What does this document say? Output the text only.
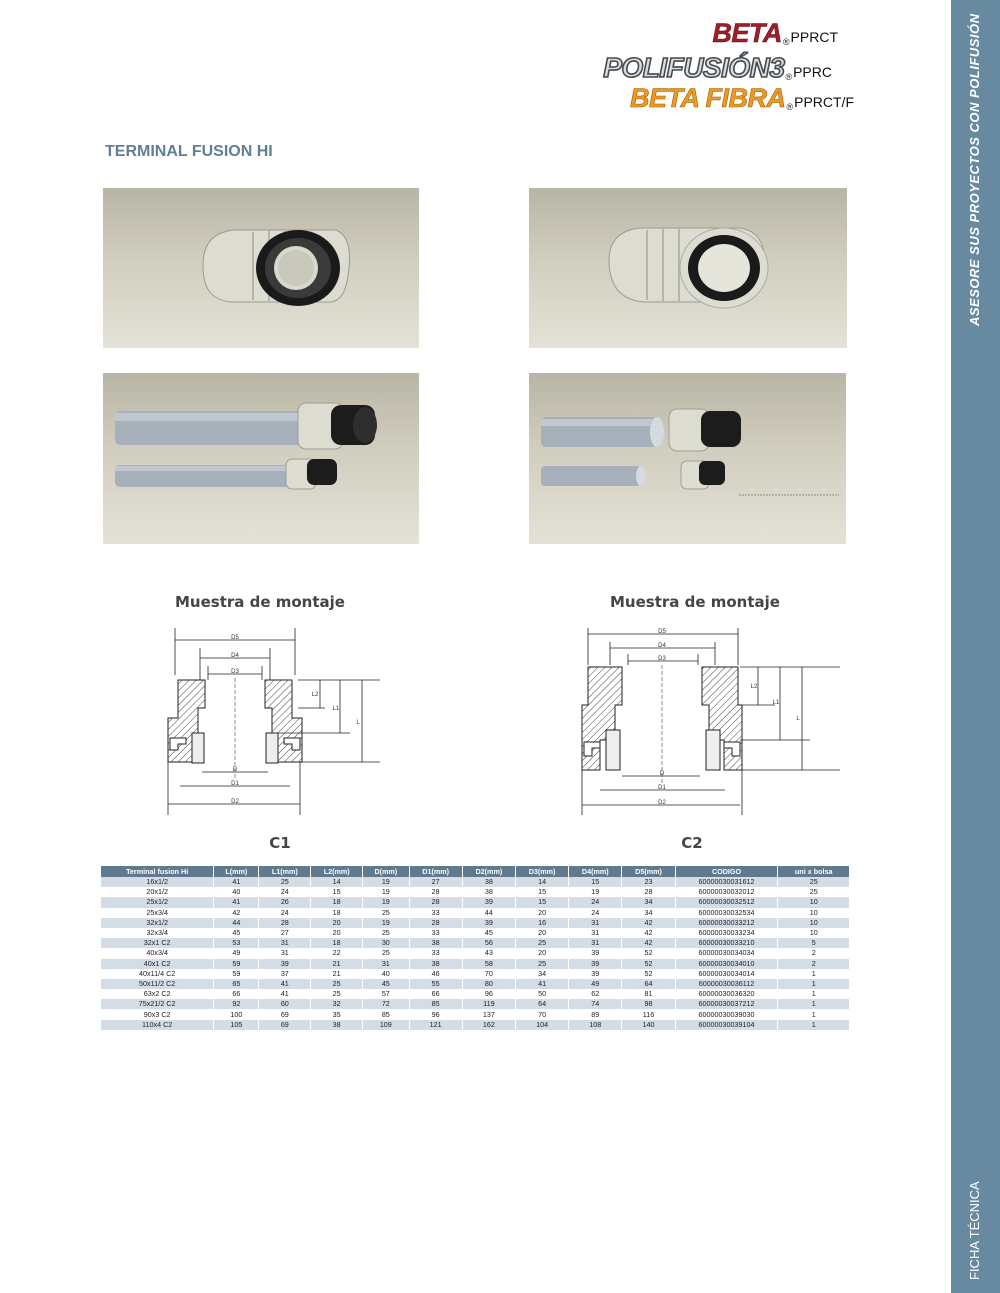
ASESORE SUS PROYECTOS CON POLIFUSIÓN
FICHA TÉCNICA
BETA®PPRCT
POLIFUSIÓN3®PPRC
BETA FIBRA®PPRCT/F
TERMINAL FUSION HI
Muestra de montaje	Muestra de montaje
D5
D4
D3
D
D1
D2
L2
L1
L
D5
D4
D3
D
D1
D2
L2
L1
L
C1	C2
Terminal fusion Hi	L(mm)	L1(mm)	L2(mm)	D(mm)	D1(mm)	D2(mm)	D3(mm)	D4(mm)	D5(mm)	CODIGO	uni x bolsa
16x1/2	41	25	14	19	27	38	14	15	23	60000030031612	25
20x1/2	40	24	15	19	28	38	15	19	28	60000030032012	25
25x1/2	41	26	18	19	28	39	15	24	34	60000030032512	10
25x3/4	42	24	18	25	33	44	20	24	34	60000030032534	10
32x1/2	44	28	20	19	28	39	16	31	42	60000030033212	10
32x3/4	45	27	20	25	33	45	20	31	42	60000030033234	10
32x1 C2	53	31	18	30	38	56	25	31	42	60000030033210	5
40x3/4	49	31	22	25	33	43	20	39	52	60000030034034	2
40x1 C2	59	39	21	31	38	58	25	39	52	60000030034010	2
40x11/4 C2	59	37	21	40	46	70	34	39	52	60000030034014	1
50x11/2 C2	65	41	25	45	55	80	41	49	64	60000030036112	1
63x2 C2	66	41	25	57	66	96	50	62	81	60000030036320	1
75x21/2 C2	92	60	32	72	85	119	64	74	98	60000030037212	1
90x3 C2	100	69	35	85	96	137	70	89	116	60000030039030	1
110x4 C2	105	69	38	109	121	162	104	108	140	60000030039104	1
